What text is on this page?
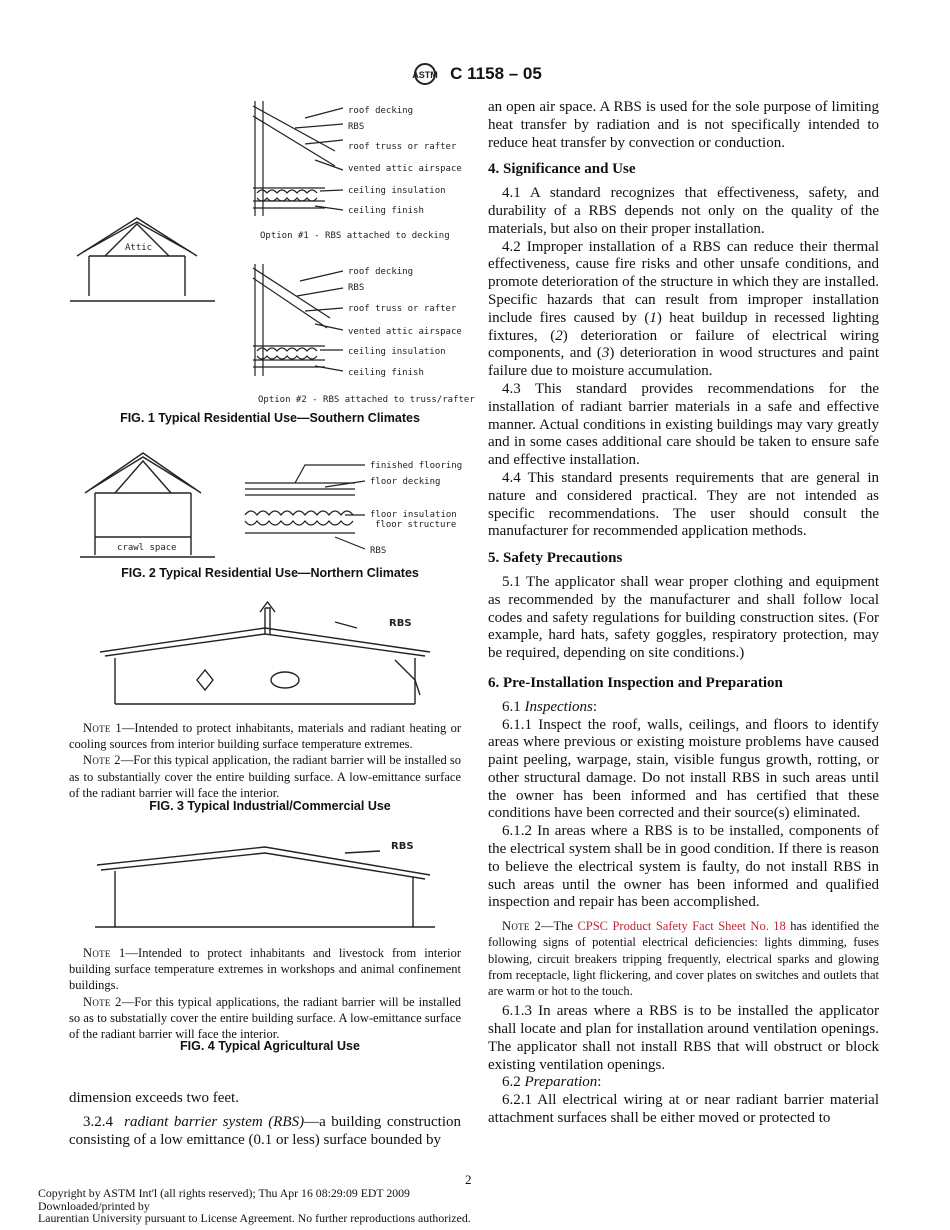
ASTM C 1158 – 05
Attic
roof decking
RBS
roof truss or rafter
vented attic airspace
ceiling insulation
ceiling finish
Option #1 - RBS attached to decking
roof decking
RBS
roof truss or rafter
vented attic airspace
ceiling insulation
ceiling finish
Option #2 - RBS attached to truss/rafter
FIG. 1 Typical Residential Use—Southern Climates
crawl space
finished flooring
floor decking
floor insulation
floor structure
RBS
FIG. 2 Typical Residential Use—Northern Climates
RBS

Note 1—Intended to protect inhabitants, materials and radiant heating or cooling sources from interior building surface temperature extremes.

Note 2—For this typical application, the radiant barrier will be installed so as to substantially cover the entire building surface. A low-emittance surface of the radiant barrier will face the interior.

FIG. 3 Typical Industrial/Commercial Use
RBS

Note 1—Intended to protect inhabitants and livestock from interior building surface temperature extremes in workshops and animal confinement buildings.

Note 2—For this typical applications, the radiant barrier will be installed so as to substatially cover the entire building surface. A low-emittance surface of the radiant barrier will face the interior.

FIG. 4 Typical Agricultural Use

dimension exceeds two feet.

3.2.4 radiant barrier system (RBS)—a building construction consisting of a low emittance (0.1 or less) surface bounded by

an open air space. A RBS is used for the sole purpose of limiting heat transfer by radiation and is not specifically intended to reduce heat transfer by convection or conduction.

4. Significance and Use

4.1 A standard recognizes that effectiveness, safety, and durability of a RBS depends not only on the quality of the materials, but also on their proper installation.

4.2 Improper installation of a RBS can reduce their thermal effectiveness, cause fire risks and other unsafe conditions, and promote deterioration of the structure in which they are installed. Specific hazards that can result from improper installation include fires caused by (1) heat buildup in recessed lighting fixtures, (2) deterioration or failure of electrical wiring components, and (3) deterioration in wood structures and paint failure due to moisture accumulation.

4.3 This standard provides recommendations for the installation of radiant barrier materials in a safe and effective manner. Actual conditions in existing buildings may vary greatly and in some cases additional care should be taken to ensure safe and effective installation.

4.4 This standard presents requirements that are general in nature and considered practical. They are not intended as specific recommendations. The user should consult the manufacturer for recommended application methods.

5. Safety Precautions

5.1 The applicator shall wear proper clothing and equipment as recommended by the manufacturer and shall follow local codes and safety regulations for building construction sites. (For example, hard hats, safety goggles, respiratory protection, may be required, depending on site conditions.)

6. Pre-Installation Inspection and Preparation

6.1 Inspections:

6.1.1 Inspect the roof, walls, ceilings, and floors to identify areas where previous or existing moisture problems have caused paint peeling, warpage, stain, visible fungus growth, rotting, or other structural damage. Do not install RBS in such areas until the owner has been informed and has certified that these conditions have been corrected and their source(s) eliminated.

6.1.2 In areas where a RBS is to be installed, components of the electrical system shall be in good condition. If there is reason to believe the electrical system is faulty, do not install RBS in such areas until the owner has been informed and qualified inspection and repair has been accomplished.

Note 2—The CPSC Product Safety Fact Sheet No. 18 has identified the following signs of potential electrical deficiencies: lights dimming, fuses blowing, circuit breakers tripping frequently, electrical sparks and glowing from receptacle, light flickering, and cover plates on switches and outlets that are warm or hot to the touch.

6.1.3 In areas where a RBS is to be installed the applicator shall locate and plan for installation around ventilation openings. The applicator shall not install RBS that will obstruct or block existing ventilation openings.

6.2 Preparation:

6.2.1 All electrical wiring at or near radiant barrier material attachment surfaces shall be either moved or protected to

2
Copyright by ASTM Int'l (all rights reserved); Thu Apr 16 08:29:09 EDT 2009
Downloaded/printed by
Laurentian University pursuant to License Agreement. No further reproductions authorized.
